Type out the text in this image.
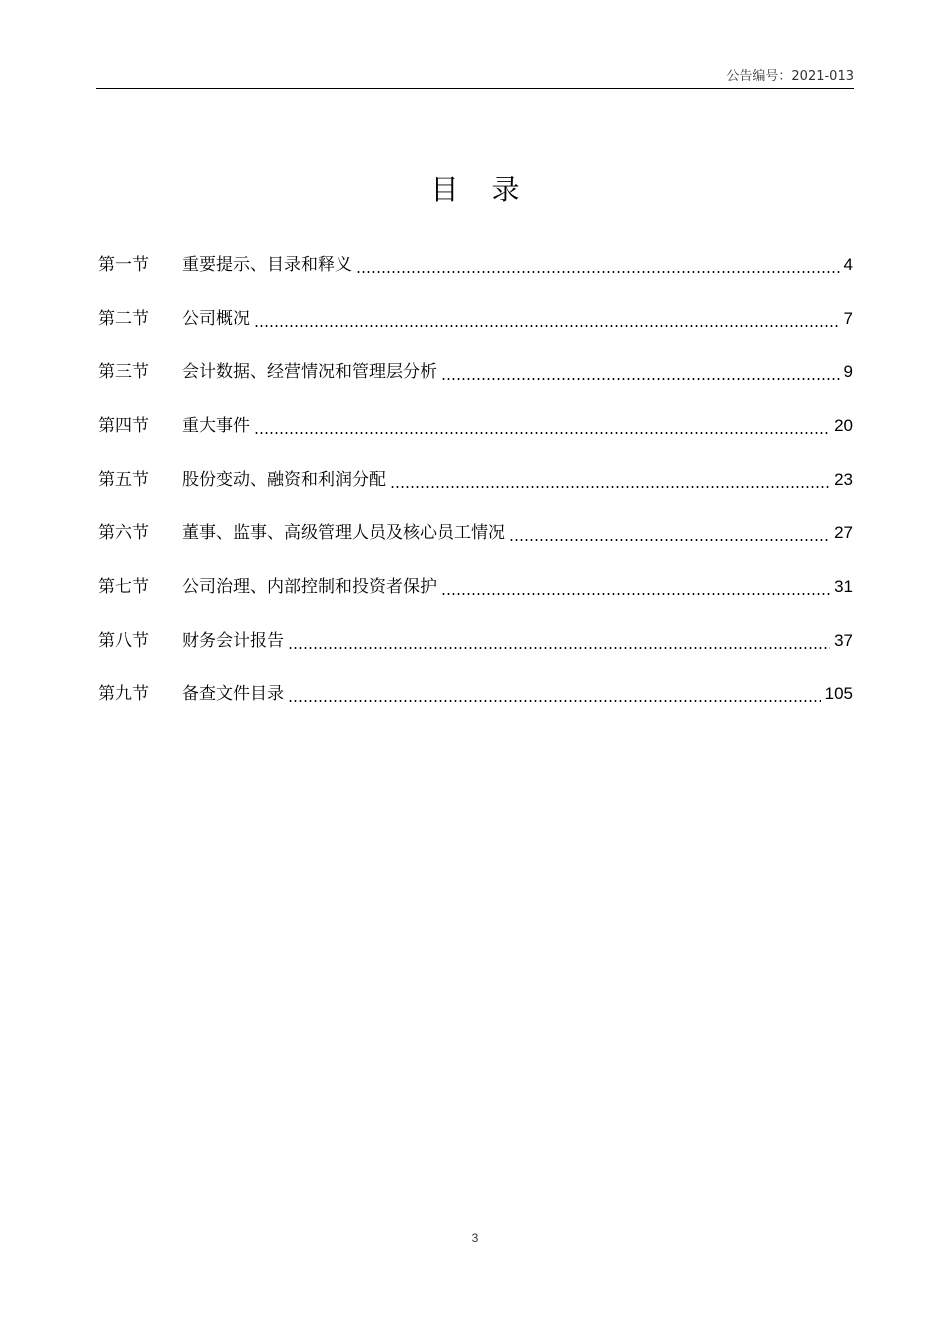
公告编号：2021-013
目 录
第一节	重要提示、目录和释义	4
第二节	公司概况	7
第三节	会计数据、经营情况和管理层分析	9
第四节	重大事件	20
第五节	股份变动、融资和利润分配	23
第六节	董事、监事、高级管理人员及核心员工情况	27
第七节	公司治理、内部控制和投资者保护	31
第八节	财务会计报告	37
第九节	备查文件目录	105
3
